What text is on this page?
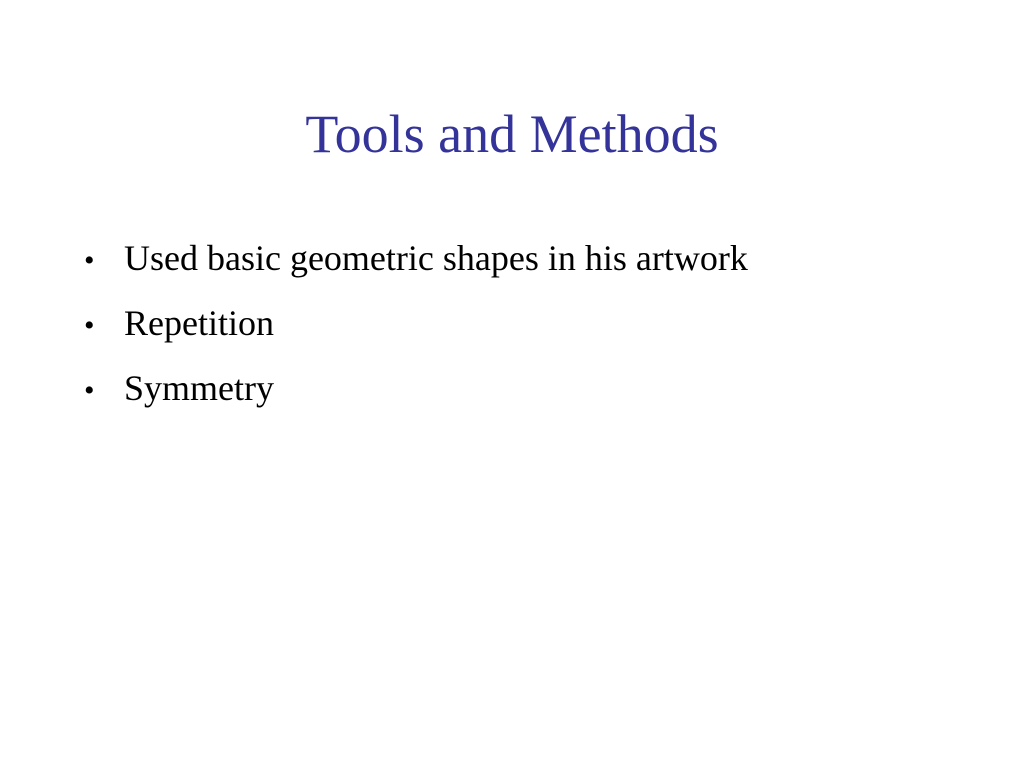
Tools and Methods
• Used basic geometric shapes in his artwork
• Repetition
• Symmetry
